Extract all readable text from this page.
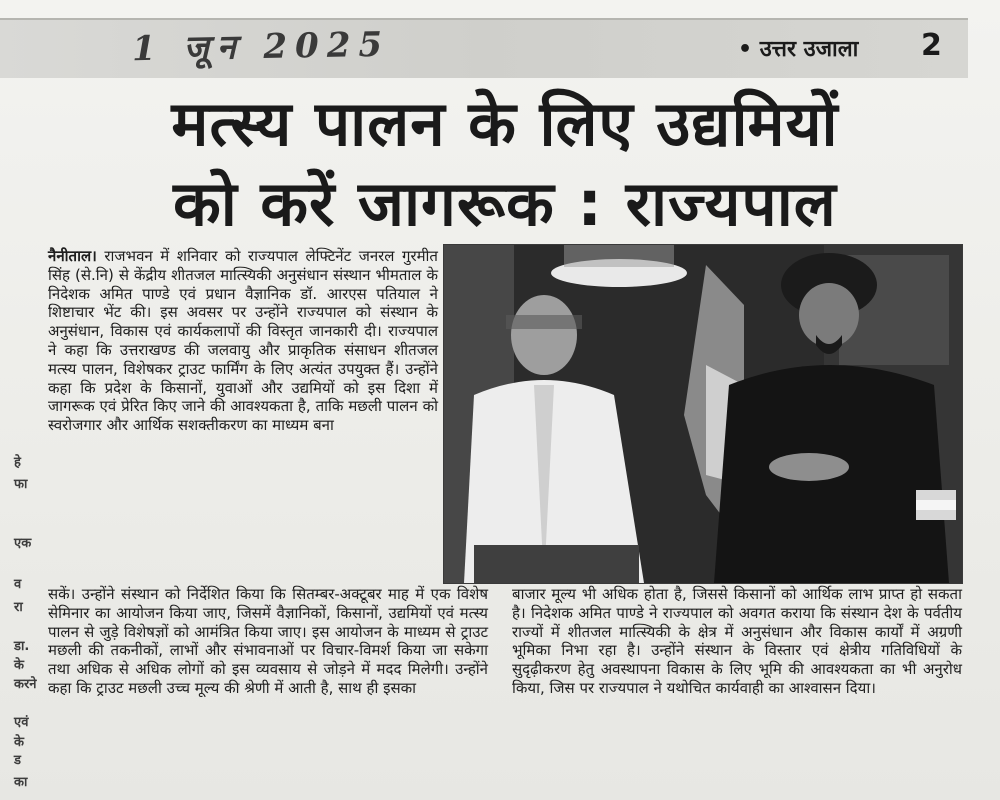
1 जून 2025	• उत्तर उजाला 2
मत्स्य पालन के लिए उद्यमियों
को करें जागरूक : राज्यपाल

नैनीताल। राजभवन में शनिवार को राज्यपाल लेफ्टिनेंट जनरल गुरमीत सिंह (से.नि) से केंद्रीय शीतजल मात्स्यिकी अनुसंधान संस्थान भीमताल के निदेशक अमित पाण्डे एवं प्रधान वैज्ञानिक डॉ. आरएस पतियाल ने शिष्टाचार भेंट की। इस अवसर पर उन्होंने राज्यपाल को संस्थान के अनुसंधान, विकास एवं कार्यकलापों की विस्तृत जानकारी दी। राज्यपाल ने कहा कि उत्तराखण्ड की जलवायु और प्राकृतिक संसाधन शीतजल मत्स्य पालन, विशेषकर ट्राउट फार्मिंग के लिए अत्यंत उपयुक्त हैं। उन्होंने कहा कि प्रदेश के किसानों, युवाओं और उद्यमियों को इस दिशा में जागरूक एवं प्रेरित किए जाने की आवश्यकता है, ताकि मछली पालन को स्वरोजगार और आर्थिक सशक्तीकरण का माध्यम बना

सकें। उन्होंने संस्थान को निर्देशित किया कि सितम्बर-अक्टूबर माह में एक विशेष सेमिनार का आयोजन किया जाए, जिसमें वैज्ञानिकों, किसानों, उद्यमियों एवं मत्स्य पालन से जुड़े विशेषज्ञों को आमंत्रित किया जाए। इस आयोजन के माध्यम से ट्राउट मछली की तकनीकों, लाभों और संभावनाओं पर विचार-विमर्श किया जा सकेगा तथा अधिक से अधिक लोगों को इस व्यवसाय से जोड़ने में मदद मिलेगी। उन्होंने कहा कि ट्राउट मछली उच्च मूल्य की श्रेणी में आती है, साथ ही इसका

बाजार मूल्य भी अधिक होता है, जिससे किसानों को आर्थिक लाभ प्राप्त हो सकता है। निदेशक अमित पाण्डे ने राज्यपाल को अवगत कराया कि संस्थान देश के पर्वतीय राज्यों में शीतजल मात्स्यिकी के क्षेत्र में अनुसंधान और विकास कार्यों में अग्रणी भूमिका निभा रहा है। उन्होंने संस्थान के विस्तार एवं क्षेत्रीय गतिविधियों के सुदृढ़ीकरण हेतु अवस्थापना विकास के लिए भूमि की आवश्यकता का भी अनुरोध किया, जिस पर राज्यपाल ने यथोचित कार्यवाही का आश्वासन दिया।

हे
फा
एक
व
रा
डा.
के
करने
एवं
के
ड
का
